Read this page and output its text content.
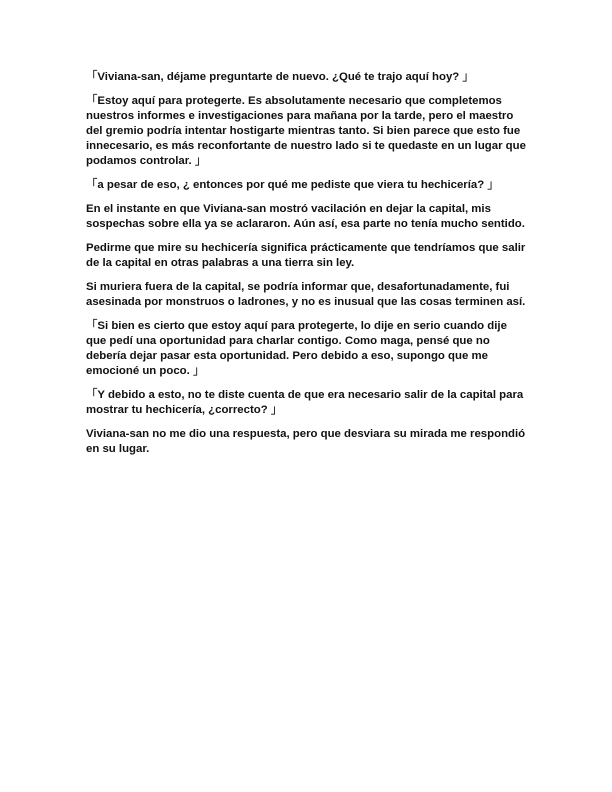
「Viviana-san, déjame preguntarte de nuevo. ¿Qué te trajo aquí hoy? 」

「Estoy aquí para protegerte. Es absolutamente necesario que completemos nuestros informes e investigaciones para mañana por la tarde, pero el maestro del gremio podría intentar hostigarte mientras tanto. Si bien parece que esto fue innecesario, es más reconfortante de nuestro lado si te quedaste en un lugar que podamos controlar. 」

「a pesar de eso, ¿ entonces por qué me pediste que viera tu hechicería? 」

En el instante en que Viviana-san mostró vacilación en dejar la capital, mis sospechas sobre ella ya se aclararon. Aún así, esa parte no tenía mucho sentido.

Pedirme que mire su hechicería significa prácticamente que tendríamos que salir de la capital en otras palabras a una tierra sin ley.

Si muriera fuera de la capital, se podría informar que, desafortunadamente, fui asesinada por monstruos o ladrones, y no es inusual que las cosas terminen así.

「Si bien es cierto que estoy aquí para protegerte, lo dije en serio cuando dije que pedí una oportunidad para charlar contigo. Como maga, pensé que no debería dejar pasar esta oportunidad. Pero debido a eso, supongo que me emocioné un poco. 」

「Y debido a esto, no te diste cuenta de que era necesario salir de la capital para mostrar tu hechicería, ¿correcto? 」

Viviana-san no me dio una respuesta, pero que desviara su mirada me respondió en su lugar.
